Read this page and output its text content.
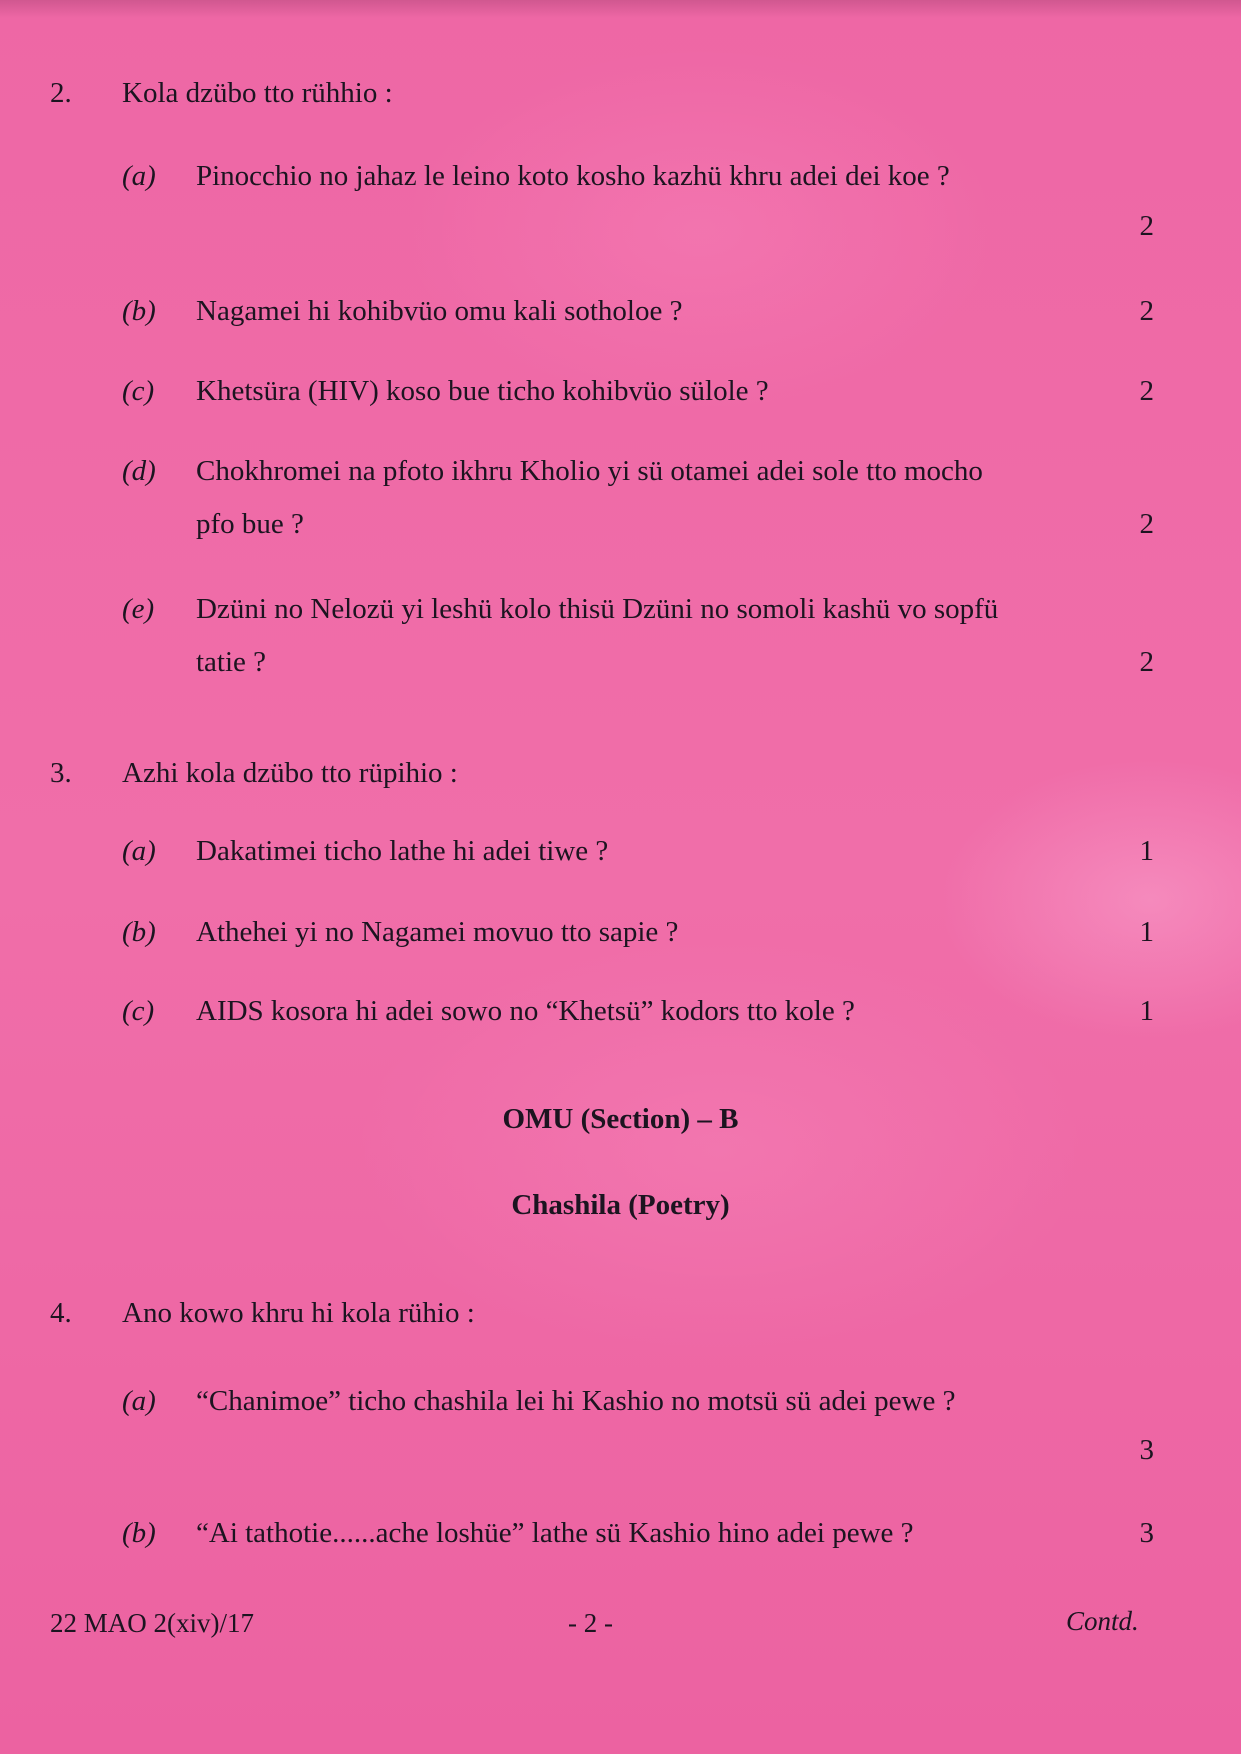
2. Kola dzübo tto rühhio :
(a) Pinocchio no jahaz le leino koto kosho kazhü khru adei dei koe ?
2
(b) Nagamei hi kohibvüo omu kali sotholoe ?	2
(c) Khetsüra (HIV) koso bue ticho kohibvüo sülole ?	2
(d) Chokhromei na pfoto ikhru Kholio yi sü otamei adei sole tto mocho
pfo bue ?	2
(e) Dzüni no Nelozü yi leshü kolo thisü Dzüni no somoli kashü vo sopfü
tatie ?	2
3. Azhi kola dzübo tto rüpihio :
(a) Dakatimei ticho lathe hi adei tiwe ?	1
(b) Athehei yi no Nagamei movuo tto sapie ?	1
(c) AIDS kosora hi adei sowo no “Khetsü” kodors tto kole ?	1
OMU (Section) – B
Chashila (Poetry)
4. Ano kowo khru hi kola rühio :
(a) “Chanimoe” ticho chashila lei hi Kashio no motsü sü adei pewe ?
3
(b) “Ai tathotie......ache loshüe” lathe sü Kashio hino adei pewe ?	3
22 MAO 2(xiv)/17	- 2 -	Contd.
